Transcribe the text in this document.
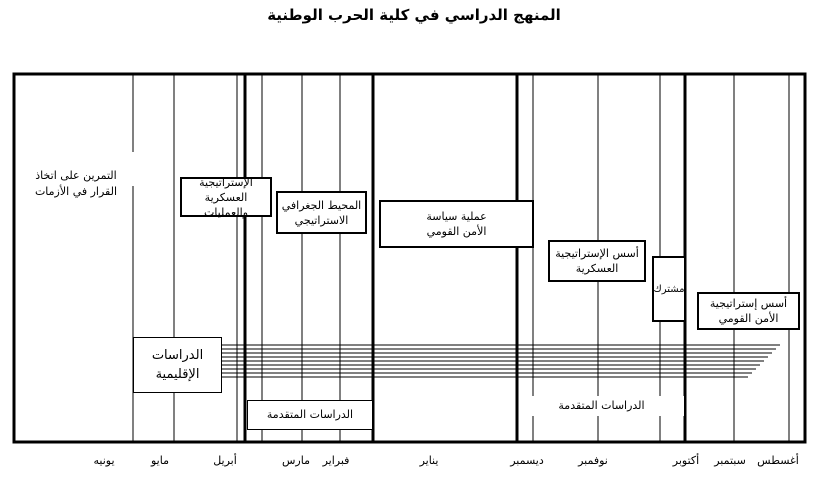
المنهج الدراسي في كلية الحرب الوطنية

التمرين على اتخاذ
القرار في الأزمات

الإستراتيجية
العسكرية والعمليات
المحيط الجغرافي
الاستراتيجي	عملية سياسة
الأمن القومي
أسس الإستراتيجية
العسكرية
مشترك
أسس إستراتيجية
الأمن القومي
الدراسات
الإقليمية
الدراسات المتقدمة
الدراسات المتقدمة
يونيه	مايو	أبريل	مارس فبراير	يناير	ديسمبر	نوفمبر	أكتوبر سبتمبر أغسطس
